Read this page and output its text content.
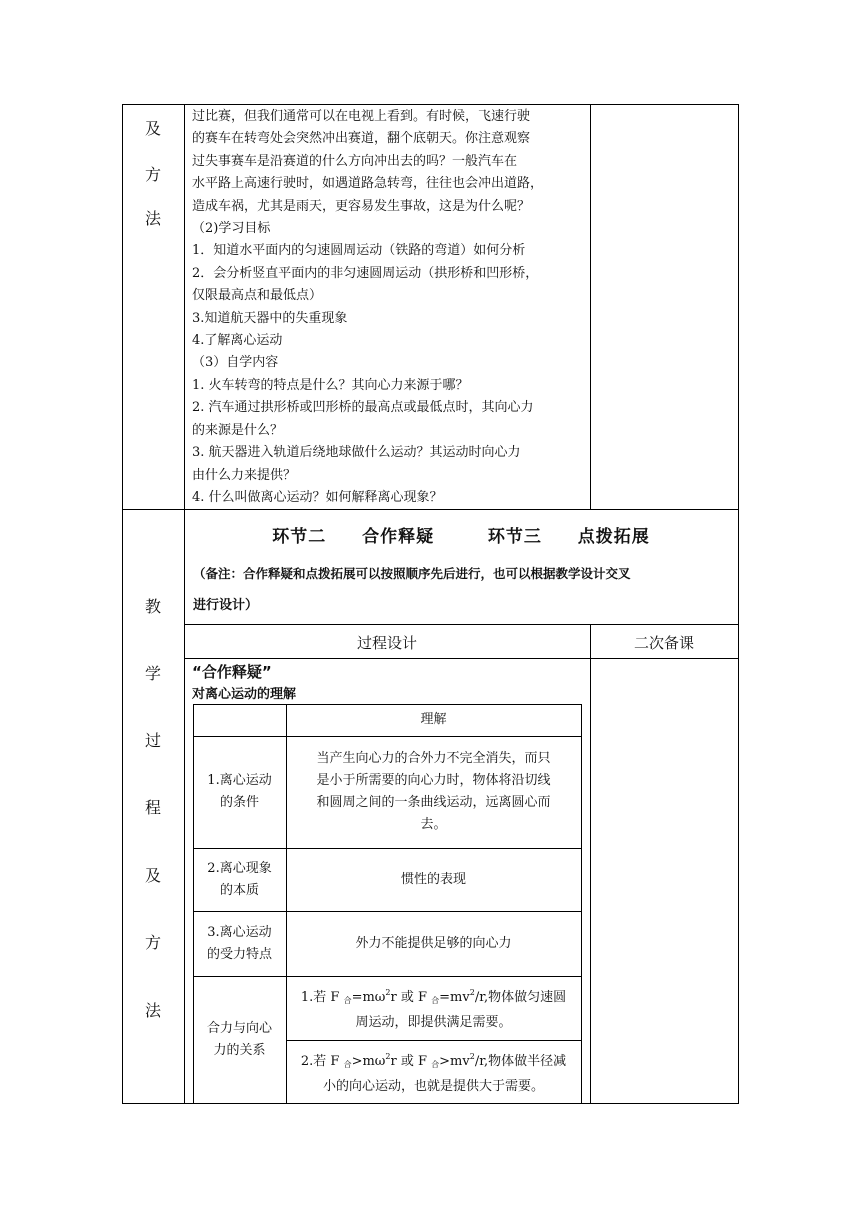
及
方
法
过比赛，但我们通常可以在电视上看到。有时候，飞速行驶
的赛车在转弯处会突然冲出赛道，翻个底朝天。你注意观察
过失事赛车是沿赛道的什么方向冲出去的吗？一般汽车在
水平路上高速行驶时，如遇道路急转弯，往往也会冲出道路，
造成车祸，尤其是雨天，更容易发生事故，这是为什么呢？
（2)学习目标
1．知道水平面内的匀速圆周运动（铁路的弯道）如何分析
2．会分析竖直平面内的非匀速圆周运动（拱形桥和凹形桥，
仅限最高点和最低点）
3.知道航天器中的失重现象
4.了解离心运动
（3）自学内容
1. 火车转弯的特点是什么？其向心力来源于哪？
2. 汽车通过拱形桥或凹形桥的最高点或最低点时，其向心力
的来源是什么？
3. 航天器进入轨道后绕地球做什么运动？其运动时向心力
由什么力来提供？
4. 什么叫做离心运动？如何解释离心现象？
教
学
过
程
及
方
法
环节二 合作释疑	环节三 点拨拓展
（备注：合作释疑和点拨拓展可以按照顺序先后进行，也可以根据教学设计交叉
进行设计）
过程设计	二次备课
“合作释疑”
对离心运动的理解
理解
1.离心运动
的条件
当产生向心力的合外力不完全消失，而只
是小于所需要的向心力时，物体将沿切线
和圆周之间的一条曲线运动，远离圆心而
去。
2.离心现象
的本质
惯性的表现
3.离心运动
的受力特点
外力不能提供足够的向心力
合力与向心
力的关系
1.若 F $_合=m\omega^2r$ 或 F $_合=mv^2/r$,物体做匀速圆
周运动，即提供满足需要。
2.若 F $_合>m\omega^2r$ 或 F $_合>mv^2/r$,物体做半径减
小的向心运动，也就是提供大于需要。
